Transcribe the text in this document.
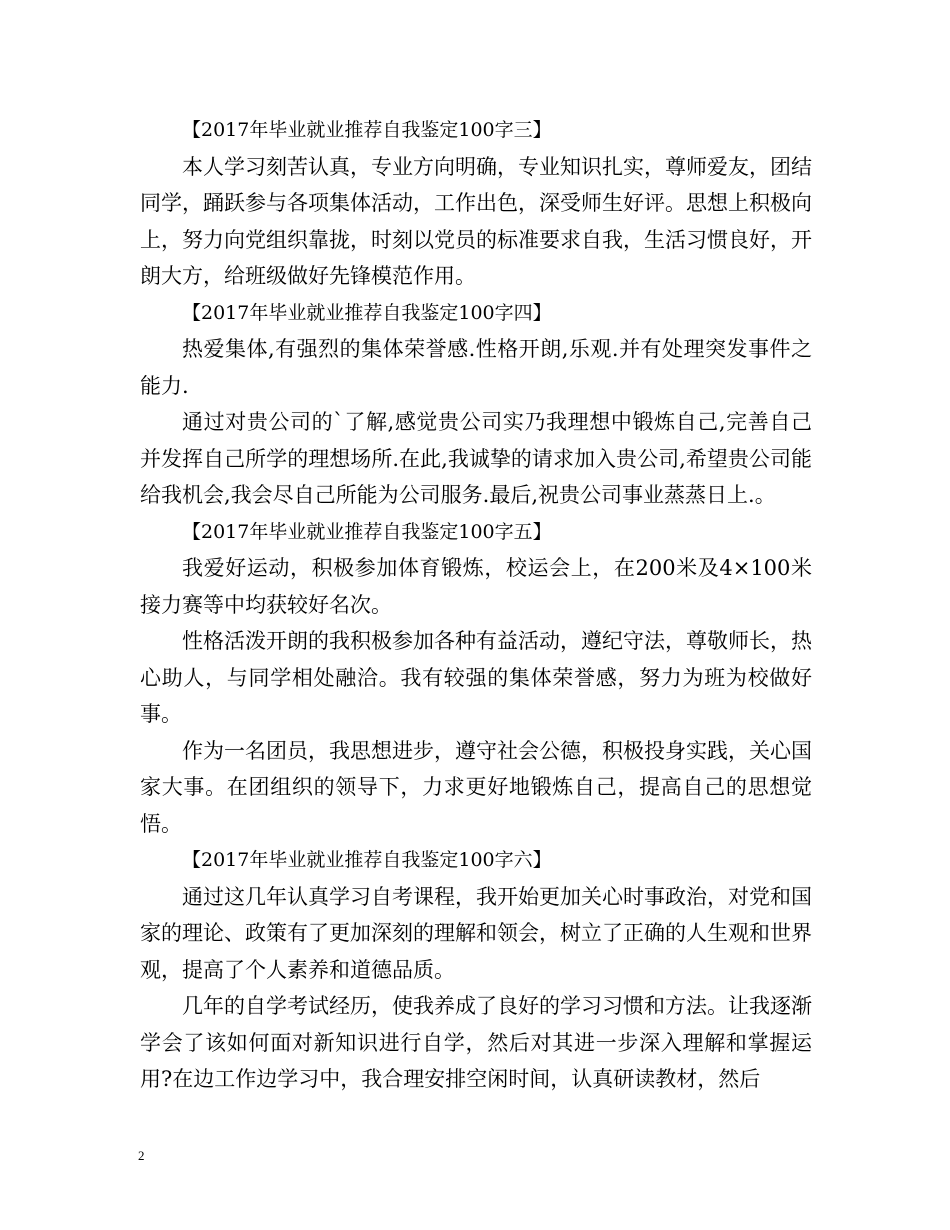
【2017年毕业就业推荐自我鉴定100字三】

本人学习刻苦认真，专业方向明确，专业知识扎实，尊师爱友，团结同学，踊跃参与各项集体活动，工作出色，深受师生好评。思想上积极向上，努力向党组织靠拢，时刻以党员的标准要求自我，生活习惯良好，开朗大方，给班级做好先锋模范作用。

【2017年毕业就业推荐自我鉴定100字四】

热爱集体,有强烈的集体荣誉感.性格开朗,乐观.并有处理突发事件之能力.

通过对贵公司的`了解,感觉贵公司实乃我理想中锻炼自己,完善自己并发挥自己所学的理想场所.在此,我诚挚的请求加入贵公司,希望贵公司能给我机会,我会尽自己所能为公司服务.最后,祝贵公司事业蒸蒸日上.。

【2017年毕业就业推荐自我鉴定100字五】

我爱好运动，积极参加体育锻炼，校运会上，在200米及4×100米接力赛等中均获较好名次。

性格活泼开朗的我积极参加各种有益活动，遵纪守法，尊敬师长，热心助人，与同学相处融洽。我有较强的集体荣誉感，努力为班为校做好事。

作为一名团员，我思想进步，遵守社会公德，积极投身实践，关心国家大事。在团组织的领导下，力求更好地锻炼自己，提高自己的思想觉悟。

【2017年毕业就业推荐自我鉴定100字六】

通过这几年认真学习自考课程，我开始更加关心时事政治，对党和国家的理论、政策有了更加深刻的理解和领会，树立了正确的人生观和世界观，提高了个人素养和道德品质。

几年的自学考试经历，使我养成了良好的学习习惯和方法。让我逐渐学会了该如何面对新知识进行自学，然后对其进一步深入理解和掌握运用?在边工作边学习中，我合理安排空闲时间，认真研读教材，然后

2
